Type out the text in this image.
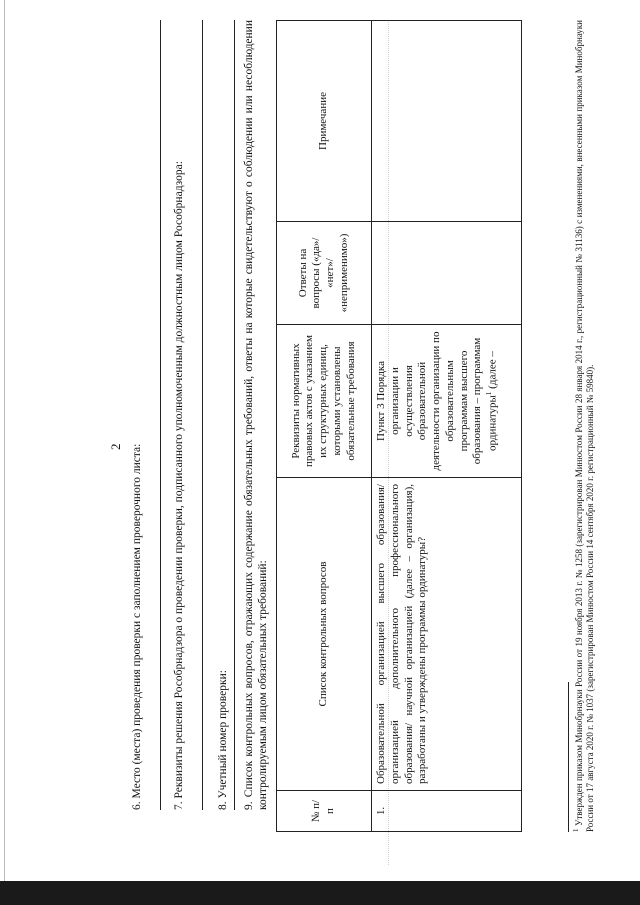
2 6. Место (места) проведения проверки с заполнением проверочного листа:	7. Реквизиты решения Рособрнадзора о проведении проверки, подписанного уполномоченным должностным лицом Рособрнадзора:	8. Учетный номер проверки: 9. Список контрольных вопросов, отражающих содержание обязательных требований, ответы на которые свидетельствуют о соблюдении или несоблюдении контролируемым лицом обязательных требований:
№ п/п	Список контрольных вопросов	Реквизиты нормативных правовых актов с указанием их структурных единиц, которыми установлены обязательные требования	Ответы на вопросы («да»/ «нет»/ «неприменимо»)	Примечание
1.	Образовательной организацией высшего образования/ организацией дополнительного профессионального образования/ научной организацией (далее – организация), разработаны и утверждены программы ординатуры?	Пункт 3 Порядка организации и осуществления образовательной деятельности организации по образовательным программам высшего образования – программам ординатуры$^1$ (далее –		
$^1$ Утвержден приказом Минобрнауки России от 19 ноября 2013 г. № 1258 (зарегистрирован Минюстом России 28 января 2014 г., регистрационный № 31136) с изменениями, внесенными приказом Минобрнауки России от 17 августа 2020 г. № 1037 (зарегистрирован Минюстом России 14 сентября 2020 г. регистрационный № 59840).
